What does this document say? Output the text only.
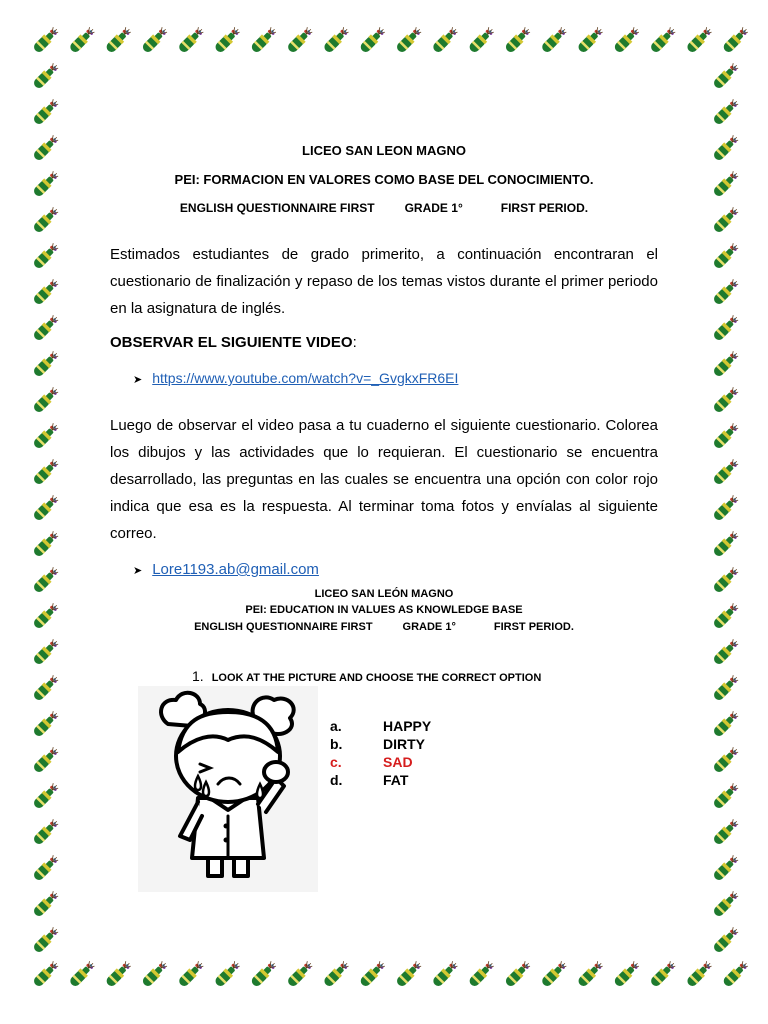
LICEO SAN LEON MAGNO
PEI: FORMACION EN VALORES COMO BASE DEL CONOCIMIENTO.
ENGLISH QUESTIONNAIRE FIRST	GRADE 1°	FIRST PERIOD.
Estimados estudiantes de grado primerito, a continuación encontraran el cuestionario de finalización y repaso de los temas vistos durante el primer periodo en la asignatura de inglés.
OBSERVAR EL SIGUIENTE VIDEO:
➤ https://www.youtube.com/watch?v=_GvgkxFR6EI
Luego de observar el video pasa a tu cuaderno el siguiente cuestionario. Colorea los dibujos y las actividades que lo requieran. El cuestionario se encuentra desarrollado, las preguntas en las cuales se encuentra una opción con color rojo indica que esa es la respuesta. Al terminar toma fotos y envíalas al siguiente correo.
➤ Lore1193.ab@gmail.com
LICEO SAN LEÓN MAGNO
PEI: EDUCATION IN VALUES AS KNOWLEDGE BASE
ENGLISH QUESTIONNAIRE FIRST	GRADE 1°	FIRST PERIOD.
1. LOOK AT THE PICTURE AND CHOOSE THE CORRECT OPTION
a.	HAPPY
b.	DIRTY
c.	SAD
d.	FAT
